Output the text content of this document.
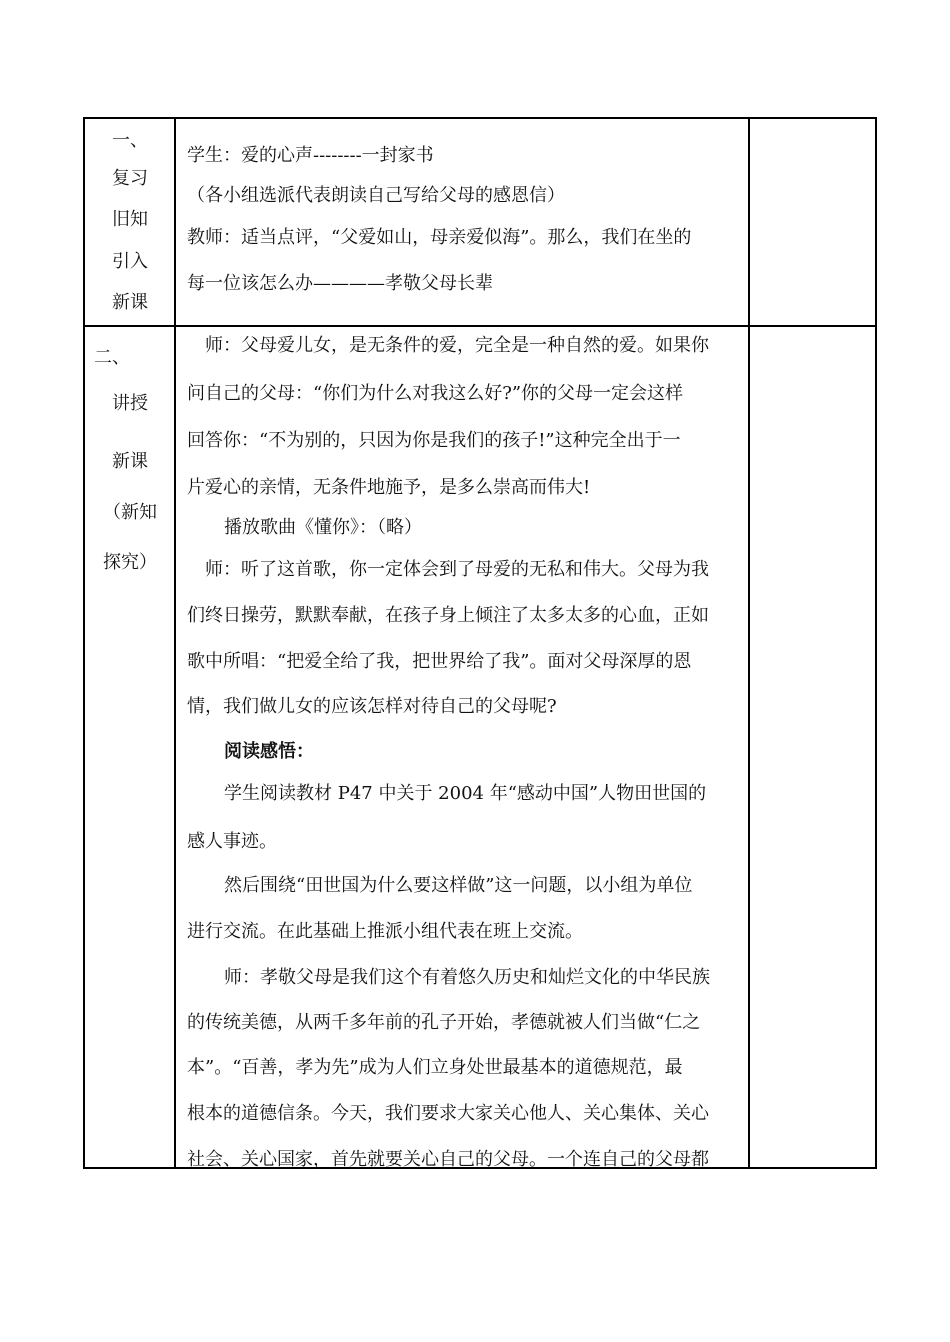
一、
复习
旧知
引入
新课
学生：爱的心声--------一封家书
（各小组选派代表朗读自己写给父母的感恩信）
教师：适当点评，“父爱如山，母亲爱似海”。那么，我们在坐的
每一位该怎么办————孝敬父母长辈
二、
讲授
新课
（新知
探究）
师：父母爱儿女，是无条件的爱，完全是一种自然的爱。如果你
问自己的父母：“你们为什么对我这么好?”你的父母一定会这样
回答你：“不为别的，只因为你是我们的孩子!”这种完全出于一
片爱心的亲情，无条件地施予，是多么崇高而伟大!
播放歌曲《懂你》：（略）
师：听了这首歌，你一定体会到了母爱的无私和伟大。父母为我
们终日操劳，默默奉献，在孩子身上倾注了太多太多的心血，正如
歌中所唱：“把爱全给了我，把世界给了我”。面对父母深厚的恩
情，我们做儿女的应该怎样对待自己的父母呢?
阅读感悟：
学生阅读教材 P47 中关于 2004 年“感动中国”人物田世国的
感人事迹。
然后围绕“田世国为什么要这样做”这一问题，以小组为单位
进行交流。在此基础上推派小组代表在班上交流。
师：孝敬父母是我们这个有着悠久历史和灿烂文化的中华民族
的传统美德，从两千多年前的孔子开始，孝德就被人们当做“仁之
本”。“百善，孝为先”成为人们立身处世最基本的道德规范，最
根本的道德信条。今天，我们要求大家关心他人、关心集体、关心
社会、关心国家，首先就要关心自己的父母。一个连自己的父母都
